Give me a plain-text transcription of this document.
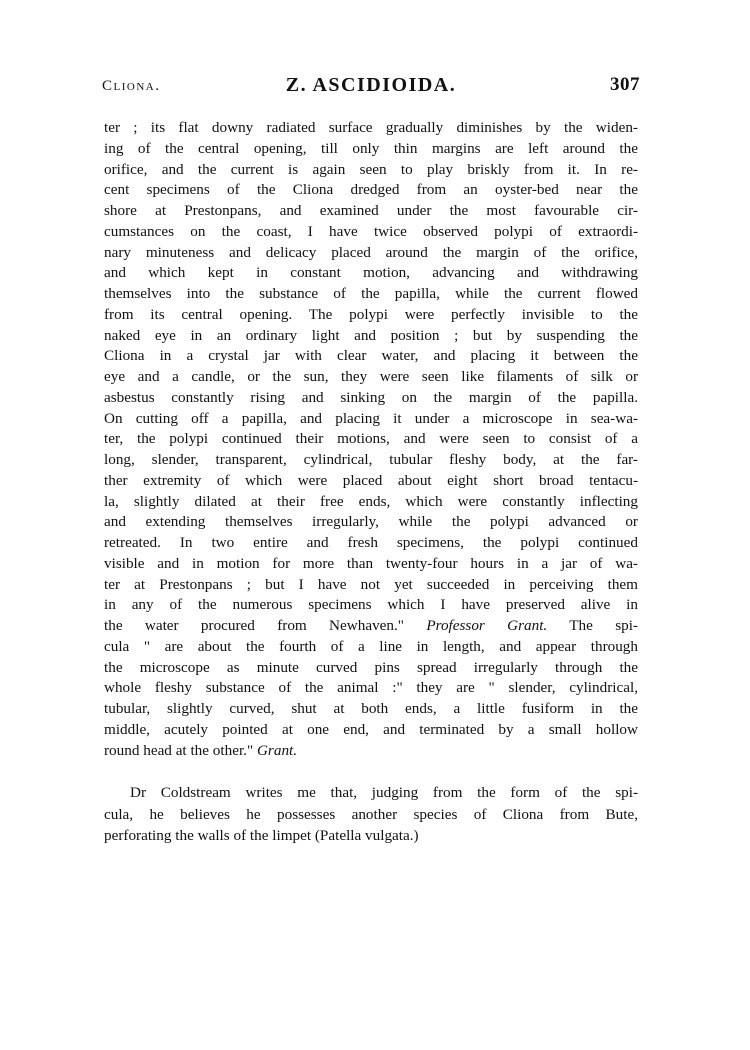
Cliona.	Z. ASCIDIOIDA.	307
ter ; its flat downy radiated surface gradually diminishes by the widen-
ing of the central opening, till only thin margins are left around the
orifice, and the current is again seen to play briskly from it. In re-
cent specimens of the Cliona dredged from an oyster-bed near the
shore at Prestonpans, and examined under the most favourable cir-
cumstances on the coast, I have twice observed polypi of extraordi-
nary minuteness and delicacy placed around the margin of the orifice,
and which kept in constant motion, advancing and withdrawing
themselves into the substance of the papilla, while the current flowed
from its central opening. The polypi were perfectly invisible to the
naked eye in an ordinary light and position ; but by suspending the
Cliona in a crystal jar with clear water, and placing it between the
eye and a candle, or the sun, they were seen like filaments of silk or
asbestus constantly rising and sinking on the margin of the papilla.
On cutting off a papilla, and placing it under a microscope in sea-wa-
ter, the polypi continued their motions, and were seen to consist of a
long, slender, transparent, cylindrical, tubular fleshy body, at the far-
ther extremity of which were placed about eight short broad tentacu-
la, slightly dilated at their free ends, which were constantly inflecting
and extending themselves irregularly, while the polypi advanced or
retreated. In two entire and fresh specimens, the polypi continued
visible and in motion for more than twenty-four hours in a jar of wa-
ter at Prestonpans ; but I have not yet succeeded in perceiving them
in any of the numerous specimens which I have preserved alive in
the water procured from Newhaven." Professor Grant. The spi-
cula " are about the fourth of a line in length, and appear through
the microscope as minute curved pins spread irregularly through the
whole fleshy substance of the animal :" they are " slender, cylindrical,
tubular, slightly curved, shut at both ends, a little fusiform in the
middle, acutely pointed at one end, and terminated by a small hollow
round head at the other." Grant.
Dr Coldstream writes me that, judging from the form of the spi-
cula, he believes he possesses another species of Cliona from Bute,
perforating the walls of the limpet (Patella vulgata.)
